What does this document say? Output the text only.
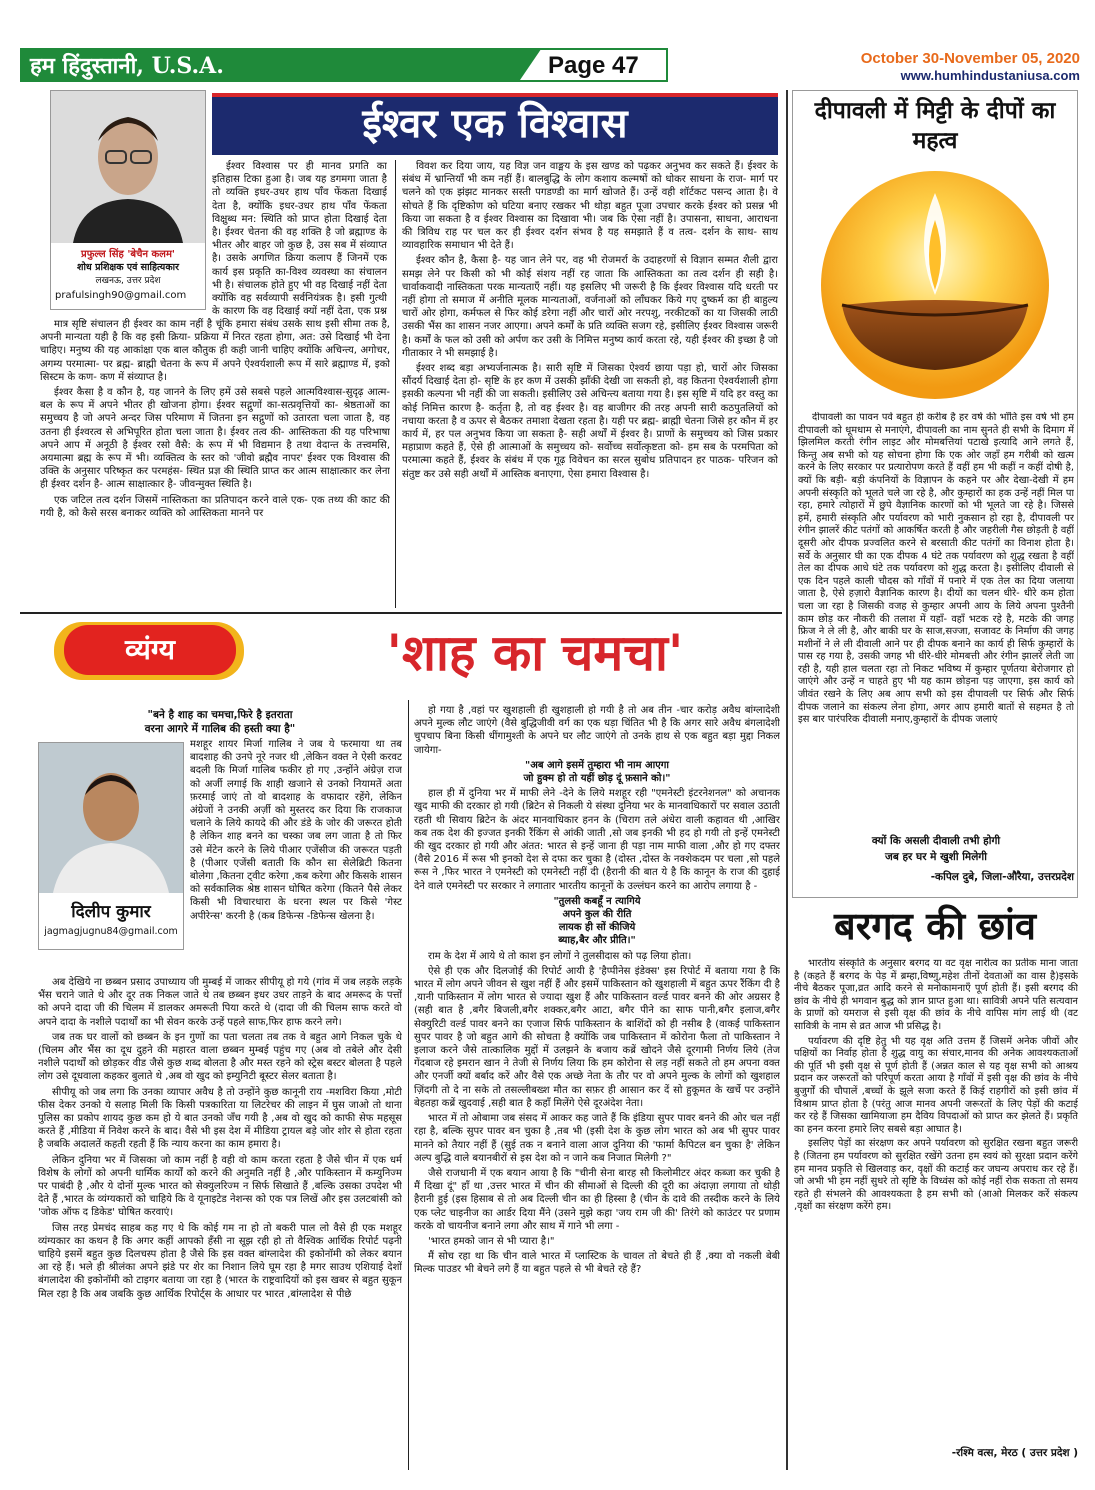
हम हिंदुस्तानी, U.S.A.	Page 47	October 30-November 05, 2020
www.humhindustaniusa.com
प्रफुल्ल सिंह 'बेचैन कलम'
शोध प्रशिक्षक एवं साहित्यकार
लखनऊ, उत्तर प्रदेश
prafulsingh90@gmail.com
ईश्वर एक विश्वास

ईश्वर विश्वास पर ही मानव प्रगति का इतिहास टिका हुआ है। जब यह डगमगा जाता है तो व्यक्ति इधर-उधर हाथ पाँव फेंकता दिखाई देता है, क्योंकि इधर-उधर हाथ पाँव फेंकता विक्षुब्ध मन: स्थिति को प्राप्त होता दिखाई देता है। ईश्वर चेतना की वह शक्ति है जो ब्रह्माण्ड के भीतर और बाहर जो कुछ है, उस सब में संव्याप्त है। उसके अगणित क्रिया कलाप हैं जिनमें एक कार्य इस प्रकृति का-विश्व व्यवस्था का संचालन भी है। संचालक होते हुए भी वह दिखाई नहीं देता क्योंकि वह सर्वव्यापी सर्वनियंत्रक है। इसी गुत्थी के कारण कि वह दिखाई क्यों नहीं देता, एक प्रश्न

मात्र सृष्टि संचालन ही ईश्वर का काम नहीं है चूंकि हमारा संबंध उसके साथ इसी सीमा तक है, अपनी मान्यता यही है कि वह इसी क्रिया- प्रक्रिया में निरत रहता होगा, अत: उसे दिखाई भी देना चाहिए। मनुष्य की यह आकांक्षा एक बाल कौतुक ही कही जानी चाहिए क्योंकि अचिन्त्य, अगोचर, अगम्य परमात्मा- पर ब्रह्म- ब्राह्मी चेतना के रूप में अपने ऐश्वर्यशाली रूप में सारे ब्रह्माण्ड में, इको सिस्टम के कण- कण में संव्याप्त है।

ईश्वर कैसा है व कौन है, यह जानने के लिए हमें उसे सबसे पहले आत्मविश्वास-सुदृढ़ आत्म- बल के रूप में अपने भीतर ही खोजना होगा। ईश्वर सद्गुणों का-सत्प्रवृत्तियों का- श्रेष्ठताओं का समुच्चय है जो अपने अन्दर जिस परिमाण में जितना इन सद्गुणों को उतारता चला जाता है, वह उतना ही ईश्वरत्व से अभिपूरित होता चला जाता है। ईश्वर तत्व की- आस्तिकता की यह परिभाषा अपने आप में अनूठी है ईश्वर रसो वैसै: के रूप में भी विद्यमान है तथा वेदान्त के तत्त्वमसि, अयमात्मा ब्रह्म के रूप में भी। व्यक्तित्व के स्तर को 'जीवो ब्रह्मैव नापर' ईश्वर एक विश्वास की उक्ति के अनुसार परिष्कृत कर परमहंस- स्थित प्रज्ञ की स्थिति प्राप्त कर आत्म साक्षात्कार कर लेना ही ईश्वर दर्शन है- आत्म साक्षात्कार है- जीवन्मुक्त स्थिति है।

एक जटिल तत्व दर्शन जिसमें नास्तिकता का प्रतिपादन करने वाले एक- एक तथ्य की काट की गयी है, को कैसे सरस बनाकर व्यक्ति को आस्तिकता मानने पर

विवश कर दिया जाय, यह विज्ञ जन वाङ्मय के इस खण्ड को पढ़कर अनुभव कर सकते हैं। ईश्वर के संबंध में भ्रान्तियाँ भी कम नहीं हैं। बालबुद्धि के लोग कशाय कल्मषों को धोकर साधना के राज- मार्ग पर चलने को एक झंझट मानकर सस्ती पगडण्डी का मार्ग खोजते हैं। उन्हें वही शॉर्टकट पसन्द आता है। वे सोचते हैं कि दृष्टिकोण को घटिया बनाए रखकर भी थोड़ा बहुत पूजा उपचार करके ईश्वर को प्रसन्न भी किया जा सकता है व ईश्वर विश्वास का दिखावा भी। जब कि ऐसा नहीं है। उपासना, साधना, आराधना की त्रिविध राह पर चल कर ही ईश्वर दर्शन संभव है यह समझाते हैं व तत्व- दर्शन के साथ- साथ व्यावहारिक समाधान भी देते हैं।

ईश्वर कौन है, कैसा है- यह जान लेने पर, वह भी रोजमर्रा के उदाहरणों से विज्ञान सम्मत शैली द्वारा समझ लेने पर किसी को भी कोई संशय नहीं रह जाता कि आस्तिकता का तत्व दर्शन ही सही है। चार्वाकवादी नास्तिकता परक मान्यताएँ नहीं। यह इसलिए भी जरूरी है कि ईश्वर विश्वास यदि धरती पर नहीं होगा तो समाज में अनीति मूलक मान्यताओं, वर्जनाओं को लाँघकर किये गए दुष्कर्म का ही बाहुल्य चारों ओर होगा, कर्मफल से फिर कोई डरेगा नहीं और चारों ओर नरपशु, नरकीटकों का या जिसकी लाठी उसकी भैंस का शासन नजर आएगा। अपने कर्मों के प्रति व्यक्ति सजग रहे, इसीलिए ईश्वर विश्वास जरूरी है। कर्मों के फल को उसी को अर्पण कर उसी के निमित्त मनुष्य कार्य करता रहे, यही ईश्वर की इच्छा है जो गीताकार ने भी समझाई है।

ईश्वर शब्द बड़ा अभ्यर्जनात्मक है। सारी सृष्टि में जिसका ऐश्वर्य छाया पड़ा हो, चारों ओर जिसका सौंदर्य दिखाई देता हो- सृष्टि के हर कण में उसकी झाँकी देखी जा सकती हो, वह कितना ऐश्वर्यशाली होगा इसकी कल्पना भी नहीं की जा सकती। इसीलिए उसे अचिन्त्य बताया गया है। इस सृष्टि में यदि हर वस्तु का कोई निमित्त कारण है- कर्तृता है, तो वह ईश्वर है। वह बाजीगर की तरह अपनी सारी कठपुतलियों को नचाया करता है व ऊपर से बैठकर तमाशा देखता रहता है। यही पर ब्रह्म- ब्राह्मी चेतना जिसे हर कौन में हर कार्य में, हर पल अनुभव किया जा सकता है- सही अर्थों में ईश्वर है। प्राणों के समुच्चय को जिस प्रकार महाप्राण कहते हैं, ऐसे ही आत्माओं के समुच्चय को- सर्वोच्च सर्वोत्कृष्टता को- हम सब के परमपिता को परमात्मा कहते हैं, ईश्वर के संबंध में एक गूढ़ विवेचन का सरल सुबोध प्रतिपादन हर पाठक- परिजन को संतुष्ट कर उसे सही अर्थों में आस्तिक बनाएगा, ऐसा हमारा विश्वास है।

दीपावली में मिट्टी के दीपों का महत्व

दीपावली का पावन पर्व बहुत ही करीब है हर वर्ष की भाँति इस वर्ष भी हम दीपावली को धूमधाम से मनाएंगे, दीपावली का नाम सुनते ही सभी के दिमाग में झिलमिल करती रंगीन लाइट और मोमबत्तियां पटाखे इत्यादि आने लगते हैं, किन्तु अब सभी को यह सोचना होगा कि एक ओर जहाँ हम गरीबी को खत्म करने के लिए सरकार पर प्रत्यारोपण करते हैं वहीं हम भी कहीं न कहीं दोषी है, क्यों कि बड़ी- बड़ी कंपनियों के विज्ञापन के कहने पर और देखा-देखी में हम अपनी संस्कृति को भूलते चले जा रहे है, और कुम्हारों का हक उन्हें नहीं मिल पा रहा, हमारे त्योहारों में छुपे वैज्ञानिक कारणों को भी भूलते जा रहे है। जिससे हमें, हमारी संस्कृति और पर्यावरण को भारी नुकसान हो रहा है, दीपावली पर रंगीन झालरें कीट पतंगों को आकर्षित करती है और जहरीली गैस छोड़ती है वहीं दूसरी ओर दीपक प्रज्वलित करने से बरसाती कीट पतंगों का विनाश होता है। सर्वे के अनुसार घी का एक दीपक 4 घंटे तक पर्यावरण को शुद्ध रखता है वहीं तेल का दीपक आधे घंटे तक पर्यावरण को शुद्ध करता है। इसीलिए दीवाली से एक दिन पहले काली चौदस को गाँवों में पनारे में एक तेल का दिया जलाया जाता है, ऐसे हज़ारो वैज्ञानिक कारण है। दीयों का चलन धीरे- धीरे कम होता चला जा रहा है जिसकी वजह से कुम्हार अपनी आय के लिये अपना पुश्तैनी काम छोड़ कर नौकरी की तलाश में यहाँ- वहाँ भटक रहे है, मटके की जगह फ्रिज ने ले ली है, और बाकी घर के साज,सज्जा, सजावट के निर्माण की जगह मशीनों ने ले ली दीवाली आने पर ही दीपक बनाने का कार्य ही सिर्फ कुम्हारों के पास रह गया है, उसकी जगह भी धीरे-धीरे मोमबत्ती और रंगीन झालरें लेती जा रही है, यही हाल चलता रहा तो निकट भविष्य में कुम्हार पूर्णतया बेरोजगार हो जाएंगे और उन्हें न चाहते हुए भी यह काम छोड़ना पड़ जाएगा, इस कार्य को जीवंत रखने के लिए अब आप सभी को इस दीपावली पर सिर्फ और सिर्फ दीपक जलाने का संकल्प लेना होगा, अगर आप हमारी बातों से सहमत है तो इस बार पारंपरिक दीवाली मनाए,कुम्हारों के दीपक जलाएं

क्यों कि असली दीवाली तभी होगी
जब हर घर मे खुशी मिलेगी
-कपिल दुबे, जिला-औरैया, उत्तरप्रदेश
बरगद की छांव

भारतीय संस्कृति के अनुसार बरगद या वट वृक्ष नारीत्व का प्रतीक माना जाता है (कहते हैं बरगद के पेड़ में ब्रम्हा,विष्णु,महेश तीनों देवताओं का वास है)इसके नीचे बैठकर पूजा,व्रत आदि करने से मनोकामनाएँ पूर्ण होती हैं। इसी बरगद की छांव के नीचे ही भगवान बुद्ध को ज्ञान प्राप्त हुआ था। सावित्री अपने पति सत्यवान के प्राणों को यमराज से इसी वृक्ष की छांव के नीचे वापिस मांग लाई थी (वट सावित्री के नाम से व्रत आज भी प्रसिद्ध है।

पर्यावरण की दृष्टि हेतु भी यह वृक्ष अति उत्तम हैं जिसमें अनेक जीवों और पक्षियों का निर्वाह होता है शुद्ध वायु का संचार,मानव की अनेक आवश्यकताओं की पूर्ति भी इसी वृक्ष से पूर्ण होती हैं (अन्नत काल से यह वृक्ष सभी को आश्रय प्रदान कर जरूरतों को परिपूर्ण करता आया है गाँवों में इसी वृक्ष की छांव के नीचे बुजुर्गों की चौपालें ,बच्चों के झूले सजा करते हैं किई राहगीरों को इसी छांव में विश्राम प्राप्त होता है (परंतु आज मानव अपनी जरूरतों के लिए पेड़ों की कटाई कर रहे हैं जिसका खामियाजा हम दैविय विपदाओं को प्राप्त कर झेलते हैं। प्रकृति का हनन करना हमारे लिए सबसे बड़ा आघात है।

इसलिए पेड़ों का संरक्षण कर अपने पर्यावरण को सुरक्षित रखना बहुत जरूरी है (जितना हम पर्यावरण को सुरक्षित रखेंगे उतना हम स्वयं को सुरक्षा प्रदान करेंगे हम मानव प्रकृति से खिलवाड़ कर, वृक्षों की कटाई कर जघन्य अपराध कर रहे हैं। जो अभी भी हम नहीं सुधरे तो सृष्टि के विध्वंस को कोई नहीं रोक सकता तो समय रहते ही संभलने की आवश्यकता है हम सभी को (आओ मिलकर करें संकल्प ,वृक्षों का संरक्षण करेंगे हम।

-रश्मि वत्स, मेरठ ( उत्तर प्रदेश )
व्यंग्य	'शाह का चमचा'
"बने है शाह का चमचा,फिरे है इतराता
वरना आगरे में गालिब की हस्ती क्या है"
दिलीप कुमार
jagmagjugnu84@gmail.com

मशहूर शायर मिर्जा गालिब ने जब ये फरमाया था तब बादशाह की उनपे नूरे नजर थी ,लेकिन वक्त ने ऐसी करवट बदली कि मिर्जा गालिब फकीर हो गए ,उन्होंने अंग्रेज़ राज को अर्जी लगाई कि शाही खजाने से उनको नियामतें अता फ़रमाई जाएं तो वो बादशाह के वफादार रहेंगे, लेकिन अंग्रेजों ने उनकी अर्ज़ी को मुस्तरद कर दिया कि राजकाज चलाने के लिये कायदे की और डंडे के जोर की जरूरत होती है लेकिन शाह बनने का चस्का जब लग जाता है तो फिर उसे मेंटेन करने के लिये पीआर एजेंसीज की जरूरत पड़ती है (पीआर एजेंसी बताती कि कौन सा सेलेब्रिटी कितना बोलेगा ,कितना ट्वीट करेगा ,कब करेगा और किसके शासन को सर्वकालिक श्रेष्ठ शासन घोषित करेगा (कितने पैसे लेकर किसी भी विचारधारा के धरना स्थल पर किसे 'गेस्ट अपीरेन्स' करनी है (कब डिफेन्स -डिफेन्स खेलना है।

अब देखिये ना छब्बन प्रसाद उपाध्याय जी मुम्बई में जाकर सीपीयू हो गये (गांव में जब लड़के लड़के भैंस चराने जाते थे और दूर तक निकल जाते थे तब छब्बन इधर उधर ताड़ने के बाद अमरूद के पत्तों को अपने दादा जी की चिलम में डालकर अमरूती पिया करते थे (दादा जी की चिलम साफ करते वो अपने दादा के नशीले पदार्थों का भी सेवन करके उन्हें पहले साफ,फिर हाफ करने लगे।

जब तक घर वालों को छब्बन के इन गुणों का पता चलता तब तक वे बहुत आगे निकल चुके थे (चिलम और भैंस का दूध दुहने की महारत वाला छब्बन मुम्बई पहुंच गए (अब वो तबेले और देसी नशीले पदार्थों को छोड़कर वीड जैसे कुछ शब्द बोलता है और मस्त रहने को स्ट्रेस बस्टर बोलता है पहले लोग उसे दूधवाला कहकर बुलाते थे ,अब वो खुद को इम्युनिटी बूस्टर सेलर बताता है।

सीपीयू को जब लगा कि उनका व्यापार अवैध है तो उन्होंने कुछ कानूनी राय -मशविरा किया ,मोटी फीस देकर उनको ये सलाह मिली कि किसी पत्रकारिता या लिटरेचर की लाइन में घुस जाओ तो थाना पुलिस का प्रकोप शायद कुछ कम हो ये बात उनको जँच गयी है ,अब वो खुद को काफी सेफ महसूस करते हैं ,मीडिया में निवेश करने के बाद। वैसे भी इस देश में मीडिया ट्रायल बड़े जोर शोर से होता रहता है जबकि अदालतें कहती रहती हैं कि न्याय करना का काम हमारा है।

लेकिन दुनिया भर में जिसका जो काम नहीं है वही वो काम करता रहता है जैसे चीन में एक धर्म विशेष के लोगों को अपनी धार्मिक कार्यों को करने की अनुमति नहीं है ,और पाकिस्तान में कम्युनिज्म पर पाबंदी है ,और ये दोनों मुल्क भारत को सेक्युलरिज्म न सिर्फ सिखाते हैं ,बल्कि उसका उपदेश भी देते हैं ,भारत के व्यंग्यकारों को चाहिये कि वे यूनाइटेड नेशन्स को एक पत्र लिखें और इस उलटबांसी को 'जोक ऑफ द डिकेड' घोषित करवाएं।

जिस तरह प्रेमचंद साहब कह गए थे कि कोई गम ना हो तो बकरी पाल लो वैसे ही एक मशहूर व्यंग्यकार का कथन है कि अगर कहीं आपको हँसी ना सूझ रही हो तो वैश्विक आर्थिक रिपोर्ट पढ़नी चाहिये इसमें बहुत कुछ दिलचस्प होता है जैसे कि इस वक्त बांग्लादेश की इकोनॉमी को लेकर बयान आ रहे हैं। भले ही श्रीलंका अपने झंडे पर शेर का निशान लिये घूम रहा है मगर साउथ एशियाई देशों बंगलादेश की इकोनॉमी को टाइगर बताया जा रहा है (भारत के राष्ट्रवादियों को इस खबर से बहुत सुकून मिल रहा है कि अब जबकि कुछ आर्थिक रिपोर्ट्स के आधार पर भारत ,बांग्लादेश से पीछे

हो गया है ,वहां पर खुशहाली ही खुशहाली हो गयी है तो अब तीन -चार करोड़ अवैध बांग्लादेशी अपने मुल्क लौट जाएंगे (वैसे बुद्धिजीवी वर्ग का एक धड़ा चिंतित भी है कि अगर सारे अवैध बंगलादेशी चुपचाप बिना किसी धींगामुश्ती के अपने घर लौट जाएंगे तो उनके हाथ से एक बहुत बड़ा मुद्दा निकल जायेगा-

"अब आगे इसमें तुम्हारा भी नाम आएगा
जो हुक्म हो तो यहीं छोड़ दूं फ़साने को।"

हाल ही में दुनिया भर में माफी लेने -देने के लिये मशहूर रही "एमनेस्टी इंटरनेशनल" को अचानक खुद माफी की दरकार हो गयी (ब्रिटेन से निकली ये संस्था दुनिया भर के मानवाधिकारों पर सवाल उठाती रहती थी सिवाय ब्रिटेन के अंदर मानवाधिकार हनन के (चिराग तले अंधेरा वाली कहावत थी ,आखिर कब तक देश की इज्जत इनकी रैंकिंग से आंकी जाती ,सो जब इनकी भी हद हो गयी तो इन्हें एमनेस्टी की खुद दरकार हो गयी और अंतत: भारत से इन्हें जाना ही पड़ा नाम माफी वाला ,और हो गए दफ्तर (वैसे 2016 में रूस भी इनको देश से दफा कर चुका है (दोस्त ,दोस्त के नक्शेकदम पर चला ,सो पहले रूस ने ,फिर भारत ने एमनेस्टी को एमनेस्टी नहीं दी (हैरानी की बात ये है कि कानून के राज की दुहाई देने वाले एमनेस्टी पर सरकार ने लगातार भारतीय कानूनों के उल्लंघन करने का आरोप लगाया है -

"तुलसी कबहूँ न त्यागिये
अपने कुल की रीति
लायक ही सों कीजिये
ब्याह,बैर और प्रीति।"

राम के देश में आये थे तो काश इन लोगों ने तुलसीदास को पढ़ लिया होता।

ऐसे ही एक और दिलजोई की रिपोर्ट आयी है 'हैप्पीनेस इंडेक्स' इस रिपोर्ट में बताया गया है कि भारत में लोग अपने जीवन से खुश नहीं हैं और इसमें पाकिस्तान को खुशहाली में बहुत ऊपर रैंकिंग दी है ,यानी पाकिस्तान में लोग भारत से ज्यादा खुश हैं और पाकिस्तान वर्ल्ड पावर बनने की ओर अग्रसर है (सही बात है ,बगैर बिजली,बगैर शक्कर,बगैर आटा, बगैर पीने का साफ पानी,बगैर इलाज,बगैर सेक्युरिटी वर्ल्ड पावर बनने का एजाज सिर्फ पाकिस्तान के बाशिंदों को ही नसीब है (वाकई पाकिस्तान सुपर पावर है जो बहुत आगे की सोचता है क्योंकि जब पाकिस्तान में कोरोना फैला तो पाकिस्तान ने इलाज करने जैसे तात्कालिक मुद्दों में उलझने के बजाय कब्रें खोदने जैसे दूरगामी निर्णय लिये (तेज गेंदबाज रहे इमरान खान ने तेजी से निर्णय लिया कि हम कोरोना से लड़ नहीं सकते तो हम अपना वक्त और एनर्जी क्यों बर्बाद करें और वैसे एक अच्छे नेता के तौर पर वो अपने मुल्क के लोगों को खुशहाल ज़िंदगी तो दे ना सके तो तसल्लीबख्श मौत का सफ़र ही आसान कर दें सो हुकूमत के खर्चे पर उन्होंने बेहतहा कब्रें खुदवाई ,सही बात है कहाँ मिलेंगे ऐसे दूरअंदेश नेता।

भारत में तो ओबामा जब संसद में आकर कह जाते हैं कि इंडिया सुपर पावर बनने की ओर चल नहीं रहा है, बल्कि सुपर पावर बन चुका है ,तब भी (इसी देश के कुछ लोग भारत को अब भी सुपर पावर मानने को तैयार नहीं हैं (सुई तक न बनाने वाला आज दुनिया की 'फार्मा कैपिटल बन चुका है' लेकिन अल्प बुद्धि वाले बयानबीरों से इस देश को न जाने कब निजात मिलेगी ?"

जैसे राजधानी में एक बयान आया है कि "चीनी सेना बारह सौ किलोमीटर अंदर कब्जा कर चुकी है मैं दिखा दूं" हाँ था ,उत्तर भारत में चीन की सीमाओं से दिल्ली की दूरी का अंदाज़ा लगाया तो थोड़ी हैरानी हुई (इस हिसाब से तो अब दिल्ली चीन का ही हिस्सा है (चीन के दावे की तस्दीक करने के लिये एक प्लेट चाइनीज का आर्डर दिया मैंने (उसने मुझे कहा 'जय राम जी की' तिरंगे को काउंटर पर प्रणाम करके वो चायनीज बनाने लगा और साथ में गाने भी लगा -

'भारत हमको जान से भी प्यारा है।"

मैं सोच रहा था कि चीन वाले भारत में प्लास्टिक के चावल तो बेचते ही हैं ,क्या वो नकली बेबी मिल्क पाउडर भी बेचने लगे हैं या बहुत पहले से भी बेचते रहे हैं?
